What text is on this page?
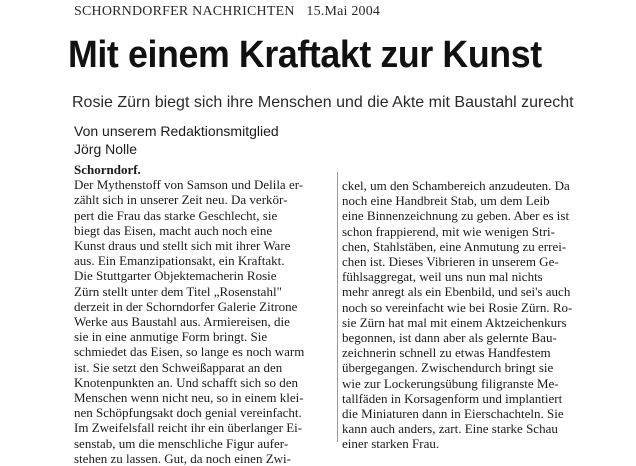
SCHORNDORFER NACHRICHTEN 15.Mai 2004
Mit einem Kraftakt zur Kunst
Rosie Zürn biegt sich ihre Menschen und die Akte mit Baustahl zurecht
Von unserem Redaktionsmitglied
Jörg Nolle
Schorndorf.
Der Mythenstoff von Samson und Delila er-
zählt sich in unserer Zeit neu. Da verkör-
pert die Frau das starke Geschlecht, sie
biegt das Eisen, macht auch noch eine
Kunst draus und stellt sich mit ihrer Ware
aus. Ein Emanzipationsakt, ein Kraftakt.
Die Stuttgarter Objektemacherin Rosie
Zürn stellt unter dem Titel „Rosenstahl"
derzeit in der Schorndorfer Galerie Zitrone
Werke aus Baustahl aus. Armiereisen, die
sie in eine anmutige Form bringt. Sie
schmiedet das Eisen, so lange es noch warm
ist. Sie setzt den Schweißapparat an den
Knotenpunkten an. Und schafft sich so den
Menschen wenn nicht neu, so in einem klei-
nen Schöpfungsakt doch genial vereinfacht.
Im Zweifelsfall reicht ihr ein überlanger Ei-
senstab, um die menschliche Figur aufer-
stehen zu lassen. Gut, da noch einen Zwi-
ckel, um den Schambereich anzudeuten. Da
noch eine Handbreit Stab, um dem Leib
eine Binnenzeichnung zu geben. Aber es ist
schon frappierend, mit wie wenigen Stri-
chen, Stahlstäben, eine Anmutung zu errei-
chen ist. Dieses Vibrieren in unserem Ge-
fühlsaggregat, weil uns nun mal nichts
mehr anregt als ein Ebenbild, und sei's auch
noch so vereinfacht wie bei Rosie Zürn. Ro-
sie Zürn hat mal mit einem Aktzeichenkurs
begonnen, ist dann aber als gelernte Bau-
zeichnerin schnell zu etwas Handfestem
übergegangen. Zwischendurch bringt sie
wie zur Lockerungsübung filigranste Me-
tallfäden in Korsagenform und implantiert
die Miniaturen dann in Eierschachteln. Sie
kann auch anders, zart. Eine starke Schau
einer starken Frau.
